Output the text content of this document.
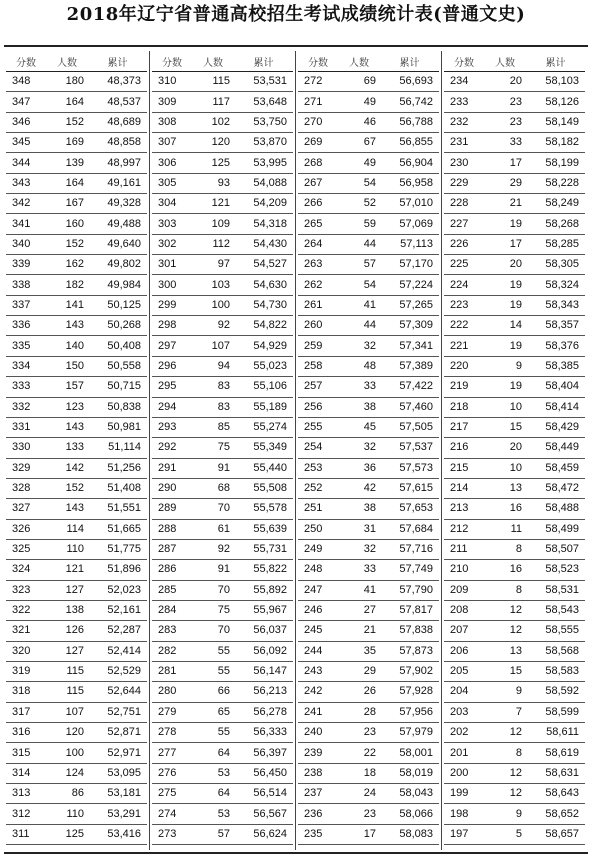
2018年辽宁省普通高校招生考试成绩统计表(普通文史)
分数	人数	累计
348	180	48,373
347	164	48,537
346	152	48,689
345	169	48,858
344	139	48,997
343	164	49,161
342	167	49,328
341	160	49,488
340	152	49,640
339	162	49,802
338	182	49,984
337	141	50,125
336	143	50,268
335	140	50,408
334	150	50,558
333	157	50,715
332	123	50,838
331	143	50,981
330	133	51,114
329	142	51,256
328	152	51,408
327	143	51,551
326	114	51,665
325	110	51,775
324	121	51,896
323	127	52,023
322	138	52,161
321	126	52,287
320	127	52,414
319	115	52,529
318	115	52,644
317	107	52,751
316	120	52,871
315	100	52,971
314	124	53,095
313	86	53,181
312	110	53,291
311	125	53,416
分数	人数	累计
310	115	53,531
309	117	53,648
308	102	53,750
307	120	53,870
306	125	53,995
305	93	54,088
304	121	54,209
303	109	54,318
302	112	54,430
301	97	54,527
300	103	54,630
299	100	54,730
298	92	54,822
297	107	54,929
296	94	55,023
295	83	55,106
294	83	55,189
293	85	55,274
292	75	55,349
291	91	55,440
290	68	55,508
289	70	55,578
288	61	55,639
287	92	55,731
286	91	55,822
285	70	55,892
284	75	55,967
283	70	56,037
282	55	56,092
281	55	56,147
280	66	56,213
279	65	56,278
278	55	56,333
277	64	56,397
276	53	56,450
275	64	56,514
274	53	56,567
273	57	56,624
分数	人数	累计
272	69	56,693
271	49	56,742
270	46	56,788
269	67	56,855
268	49	56,904
267	54	56,958
266	52	57,010
265	59	57,069
264	44	57,113
263	57	57,170
262	54	57,224
261	41	57,265
260	44	57,309
259	32	57,341
258	48	57,389
257	33	57,422
256	38	57,460
255	45	57,505
254	32	57,537
253	36	57,573
252	42	57,615
251	38	57,653
250	31	57,684
249	32	57,716
248	33	57,749
247	41	57,790
246	27	57,817
245	21	57,838
244	35	57,873
243	29	57,902
242	26	57,928
241	28	57,956
240	23	57,979
239	22	58,001
238	18	58,019
237	24	58,043
236	23	58,066
235	17	58,083
分数	人数	累计
234	20	58,103
233	23	58,126
232	23	58,149
231	33	58,182
230	17	58,199
229	29	58,228
228	21	58,249
227	19	58,268
226	17	58,285
225	20	58,305
224	19	58,324
223	19	58,343
222	14	58,357
221	19	58,376
220	9	58,385
219	19	58,404
218	10	58,414
217	15	58,429
216	20	58,449
215	10	58,459
214	13	58,472
213	16	58,488
212	11	58,499
211	8	58,507
210	16	58,523
209	8	58,531
208	12	58,543
207	12	58,555
206	13	58,568
205	15	58,583
204	9	58,592
203	7	58,599
202	12	58,611
201	8	58,619
200	12	58,631
199	12	58,643
198	9	58,652
197	5	58,657
